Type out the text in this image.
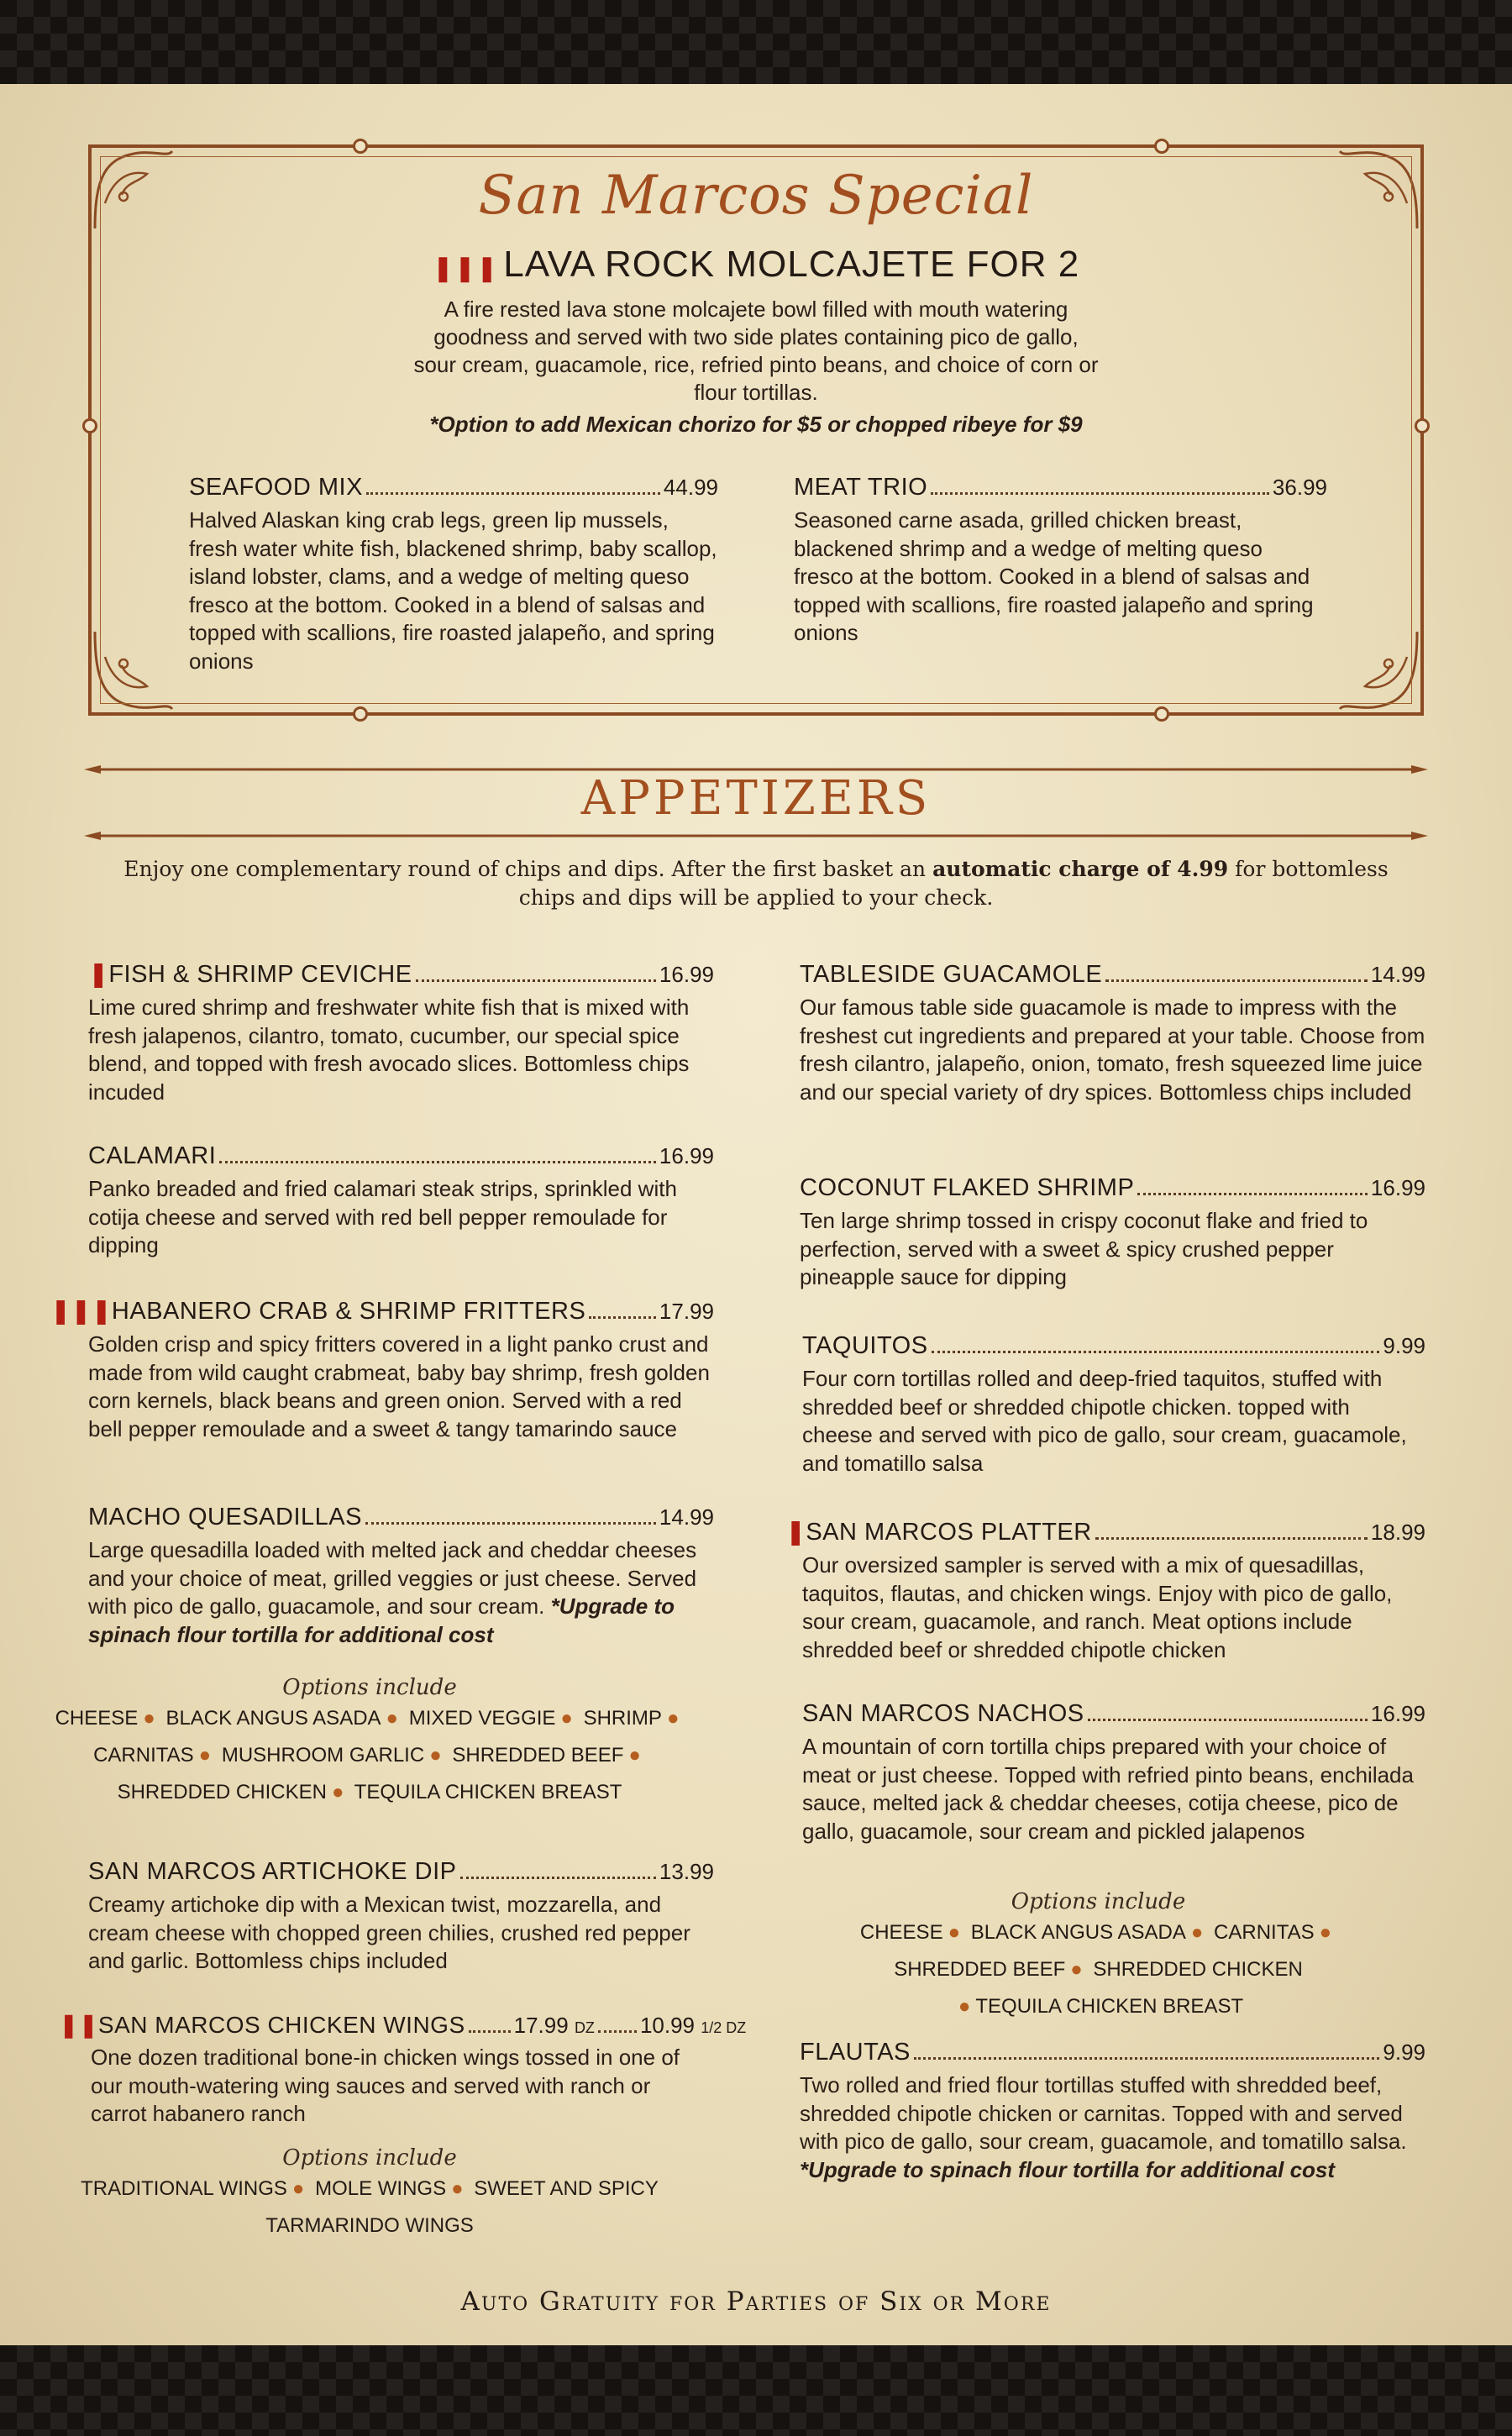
San Marcos Special
❚❚❚ LAVA ROCK MOLCAJETE FOR 2
A fire rested lava stone molcajete bowl filled with mouth watering goodness and served with two side plates containing pico de gallo, sour cream, guacamole, rice, refried pinto beans, and choice of corn or flour tortillas.
*Option to add Mexican chorizo for $5 or chopped ribeye for $9
SEAFOOD MIX	44.99
Halved Alaskan king crab legs, green lip mussels, fresh water white fish, blackened shrimp, baby scallop, island lobster, clams, and a wedge of melting queso fresco at the bottom. Cooked in a blend of salsas and topped with scallions, fire roasted jalapeño, and spring onions
MEAT TRIO	36.99
Seasoned carne asada, grilled chicken breast, blackened shrimp and a wedge of melting queso fresco at the bottom. Cooked in a blend of salsas and topped with scallions, fire roasted jalapeño and spring onions
APPETIZERS
Enjoy one complementary round of chips and dips. After the first basket an automatic charge of 4.99 for bottomless chips and dips will be applied to your check.
❚ FISH & SHRIMP CEVICHE	16.99
Lime cured shrimp and freshwater white fish that is mixed with fresh jalapenos, cilantro, tomato, cucumber, our special spice blend, and topped with fresh avocado slices. Bottomless chips incuded
CALAMARI	16.99
Panko breaded and fried calamari steak strips, sprinkled with cotija cheese and served with red bell pepper remoulade for dipping
❚❚❚ HABANERO CRAB & SHRIMP FRITTERS	17.99
Golden crisp and spicy fritters covered in a light panko crust and made from wild caught crabmeat, baby bay shrimp, fresh golden corn kernels, black beans and green onion. Served with a red bell pepper remoulade and a sweet & tangy tamarindo sauce
MACHO QUESADILLAS	14.99
Large quesadilla loaded with melted jack and cheddar cheeses and your choice of meat, grilled veggies or just cheese. Served with pico de gallo, guacamole, and sour cream. *Upgrade to spinach flour tortilla for additional cost
Options include
CHEESE ● BLACK ANGUS ASADA ● MIXED VEGGIE ● SHRIMP ●
CARNITAS ● MUSHROOM GARLIC ● SHREDDED BEEF ●
SHREDDED CHICKEN ● TEQUILA CHICKEN BREAST
SAN MARCOS ARTICHOKE DIP	13.99
Creamy artichoke dip with a Mexican twist, mozzarella, and cream cheese with chopped green chilies, crushed red pepper and garlic. Bottomless chips included
❚❚ SAN MARCOS CHICKEN WINGS 17.99 DZ 10.99 1/2 DZ
One dozen traditional bone-in chicken wings tossed in one of our mouth-watering wing sauces and served with ranch or carrot habanero ranch
Options include
TRADITIONAL WINGS ● MOLE WINGS ● SWEET AND SPICY
TARMARINDO WINGS
TABLESIDE GUACAMOLE	14.99
Our famous table side guacamole is made to impress with the freshest cut ingredients and prepared at your table. Choose from fresh cilantro, jalapeño, onion, tomato, fresh squeezed lime juice and our special variety of dry spices. Bottomless chips included
COCONUT FLAKED SHRIMP	16.99
Ten large shrimp tossed in crispy coconut flake and fried to perfection, served with a sweet & spicy crushed pepper pineapple sauce for dipping
TAQUITOS	9.99
Four corn tortillas rolled and deep-fried taquitos, stuffed with shredded beef or shredded chipotle chicken. topped with cheese and served with pico de gallo, sour cream, guacamole, and tomatillo salsa
❚ SAN MARCOS PLATTER	18.99
Our oversized sampler is served with a mix of quesadillas, taquitos, flautas, and chicken wings. Enjoy with pico de gallo, sour cream, guacamole, and ranch. Meat options include shredded beef or shredded chipotle chicken
SAN MARCOS NACHOS	16.99
A mountain of corn tortilla chips prepared with your choice of meat or just cheese. Topped with refried pinto beans, enchilada sauce, melted jack & cheddar cheeses, cotija cheese, pico de gallo, guacamole, sour cream and pickled jalapenos
Options include
CHEESE ● BLACK ANGUS ASADA ● CARNITAS ●
SHREDDED BEEF ● SHREDDED CHICKEN
● TEQUILA CHICKEN BREAST
FLAUTAS	9.99
Two rolled and fried flour tortillas stuffed with shredded beef, shredded chipotle chicken or carnitas. Topped with and served with pico de gallo, sour cream, guacamole, and tomatillo salsa. *Upgrade to spinach flour tortilla for additional cost
Auto Gratuity for Parties of Six or More
